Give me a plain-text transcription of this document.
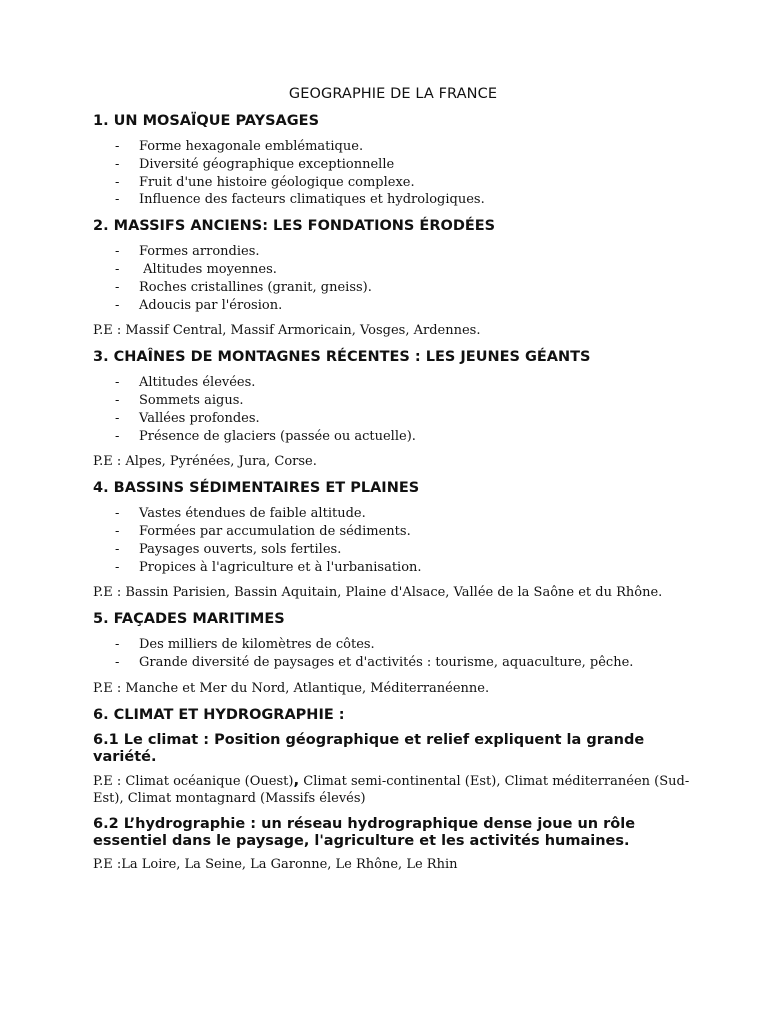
GEOGRAPHIE DE LA FRANCE
1. UN MOSAÏQUE PAYSAGES
- Forme hexagonale emblématique.
- Diversité géographique exceptionnelle
- Fruit d'une histoire géologique complexe.
- Influence des facteurs climatiques et hydrologiques.
2. MASSIFS ANCIENS: LES FONDATIONS ÉRODÉES
- Formes arrondies.
-  Altitudes moyennes.
- Roches cristallines (granit, gneiss).
- Adoucis par l'érosion.

P.E : Massif Central, Massif Armoricain, Vosges, Ardennes.

3. CHAÎNES DE MONTAGNES RÉCENTES : LES JEUNES GÉANTS
- Altitudes élevées.
- Sommets aigus.
- Vallées profondes.
- Présence de glaciers (passée ou actuelle).

P.E : Alpes, Pyrénées, Jura, Corse.

4. BASSINS SÉDIMENTAIRES ET PLAINES
- Vastes étendues de faible altitude.
- Formées par accumulation de sédiments.
- Paysages ouverts, sols fertiles.
- Propices à l'agriculture et à l'urbanisation.

P.E : Bassin Parisien, Bassin Aquitain, Plaine d'Alsace, Vallée de la Saône et du Rhône.

5. FAÇADES MARITIMES
- Des milliers de kilomètres de côtes.
- Grande diversité de paysages et d'activités : tourisme, aquaculture, pêche.

P.E : Manche et Mer du Nord, Atlantique, Méditerranéenne.

6. CLIMAT ET HYDROGRAPHIE :
6.1 Le climat : Position géographique et relief expliquent la grande variété.

P.E : Climat océanique (Ouest), Climat semi-continental (Est), Climat méditerranéen (Sud-Est), Climat montagnard (Massifs élevés)

6.2 L’hydrographie : un réseau hydrographique dense joue un rôle essentiel dans le paysage, l'agriculture et les activités humaines.

P.E :La Loire, La Seine, La Garonne, Le Rhône, Le Rhin
